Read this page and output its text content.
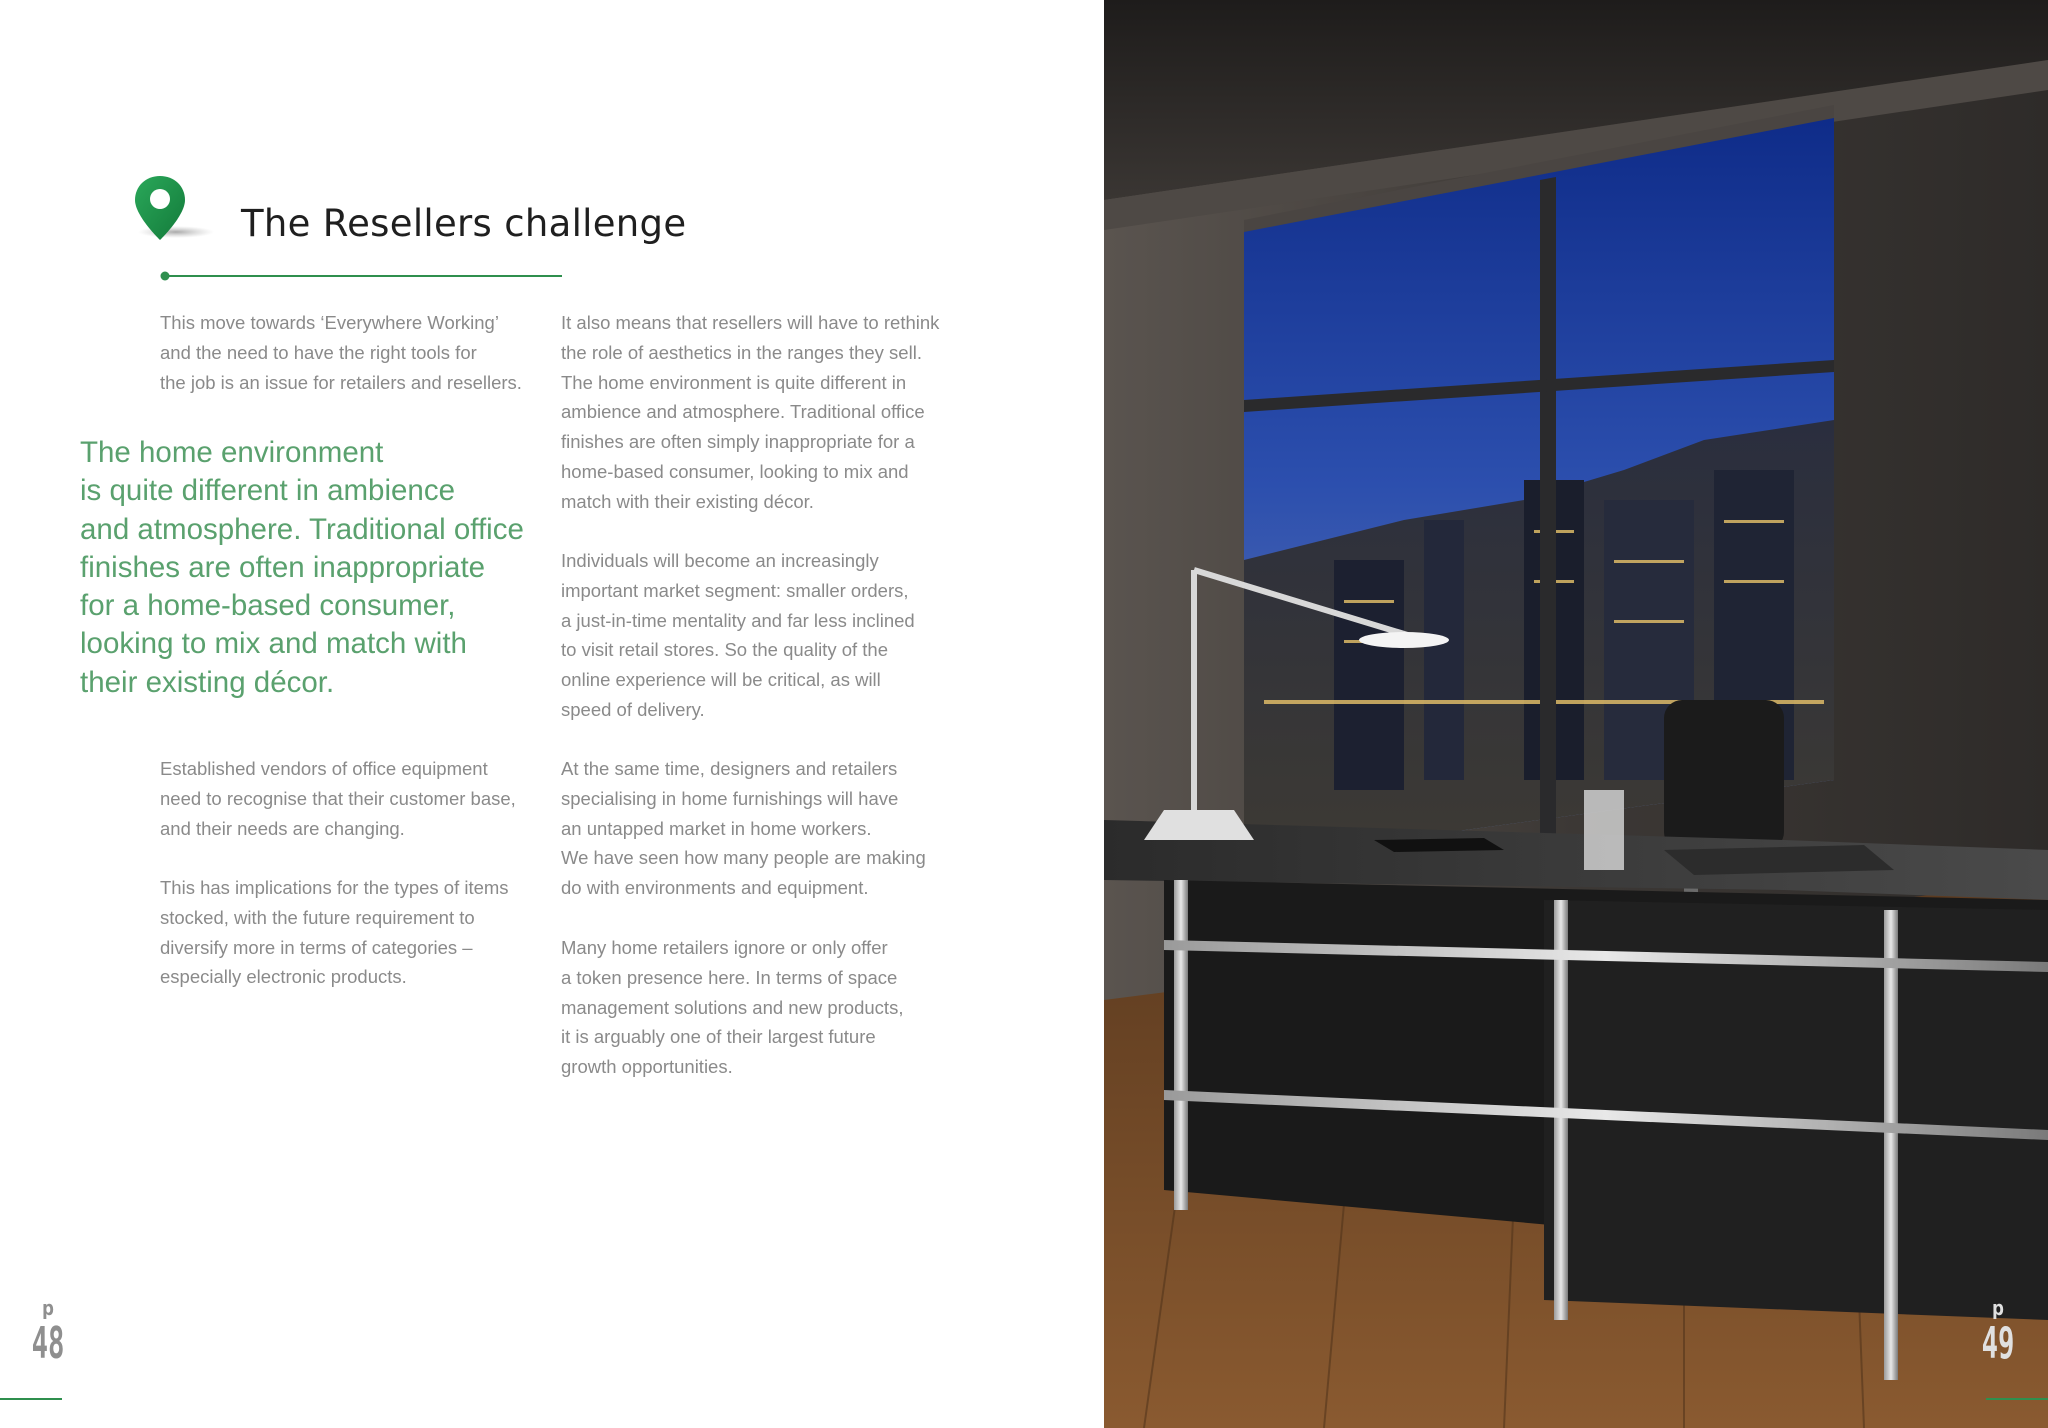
The Resellers challenge

This move towards ‘Everywhere Working’
and the need to have the right tools for
the job is an issue for retailers and resellers.

The home environment
is quite different in ambience
and atmosphere. Traditional office
finishes are often inappropriate
for a home-based consumer,
looking to mix and match with
their existing décor.

Established vendors of office equipment
need to recognise that their customer base,
and their needs are changing.

This has implications for the types of items
stocked, with the future requirement to
diversify more in terms of categories –
especially electronic products.

It also means that resellers will have to rethink
the role of aesthetics in the ranges they sell.
The home environment is quite different in
ambience and atmosphere. Traditional office
finishes are often simply inappropriate for a
home-based consumer, looking to mix and
match with their existing décor.

Individuals will become an increasingly
important market segment: smaller orders,
a just-in-time mentality and far less inclined
to visit retail stores. So the quality of the
online experience will be critical, as will
speed of delivery.

At the same time, designers and retailers
specialising in home furnishings will have
an untapped market in home workers.
We have seen how many people are making
do with environments and equipment.

Many home retailers ignore or only offer
a token presence here. In terms of space
management solutions and new products,
it is arguably one of their largest future
growth opportunities.

p
48
p
49
